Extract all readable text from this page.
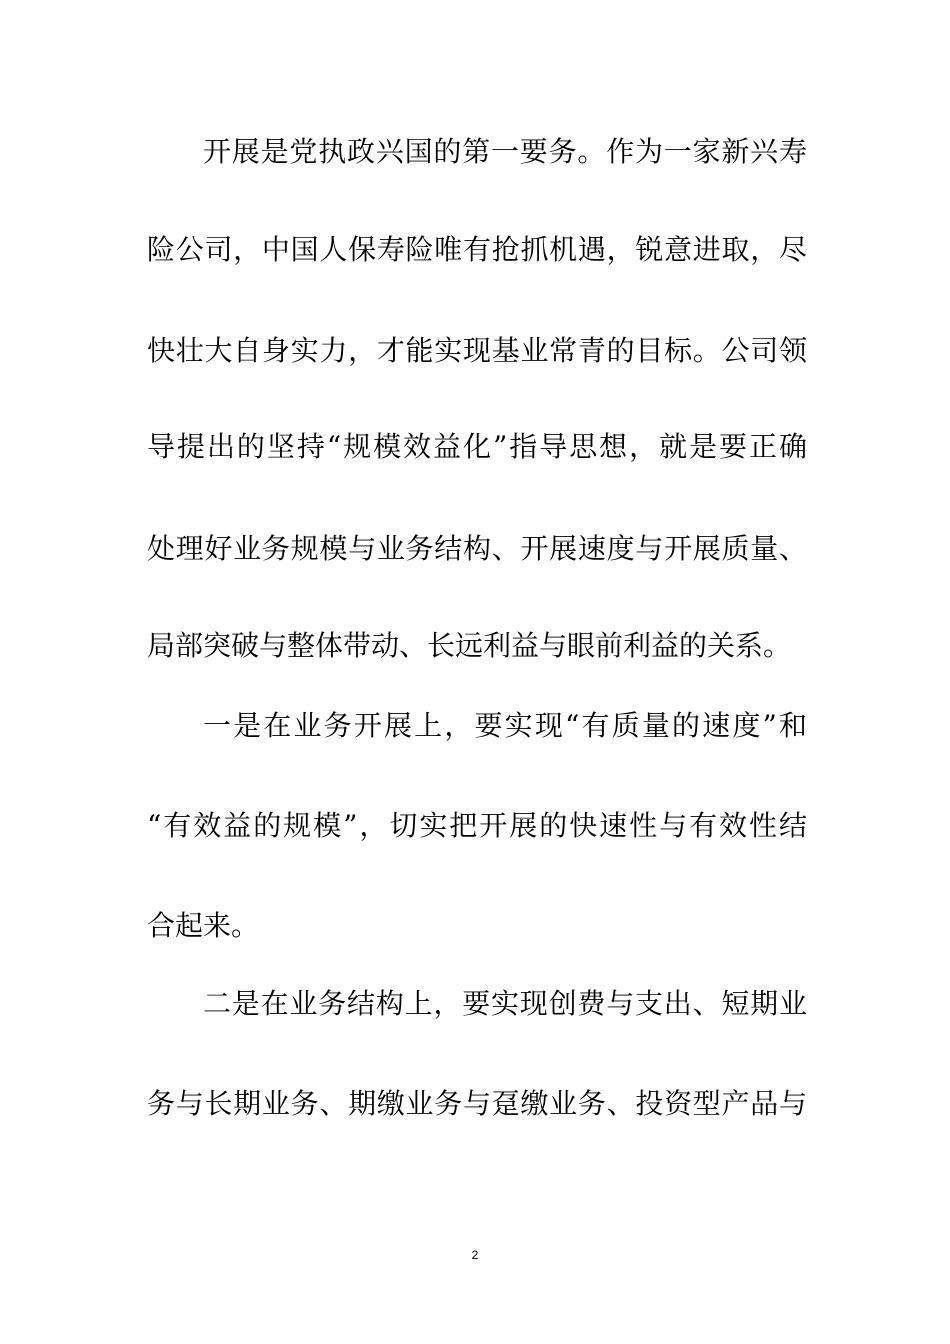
开展是党执政兴国的第一要务。作为一家新兴寿
险公司，中国人保寿险唯有抢抓机遇，锐意进取，尽
快壮大自身实力，才能实现基业常青的目标。公司领
导提出的坚持“规模效益化”指导思想，就是要正确
处理好业务规模与业务结构、开展速度与开展质量、
局部突破与整体带动、长远利益与眼前利益的关系。
一是在业务开展上，要实现“有质量的速度”和
“有效益的规模”，切实把开展的快速性与有效性结
合起来。
二是在业务结构上，要实现创费与支出、短期业
务与长期业务、期缴业务与趸缴业务、投资型产品与
2
